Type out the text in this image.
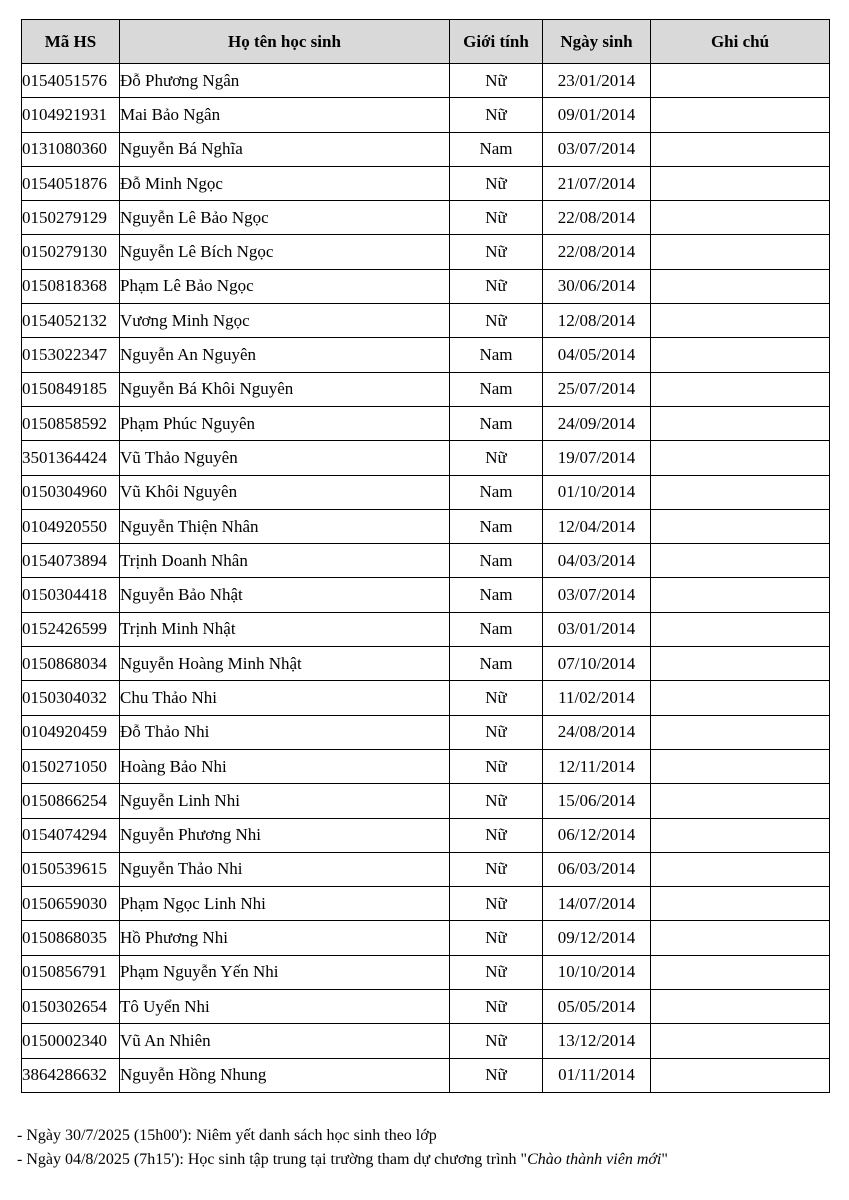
Mã HS	Họ tên học sinh	Giới tính	Ngày sinh	Ghi chú
0154051576	Đỗ Phương Ngân	Nữ	23/01/2014	
0104921931	Mai Bảo Ngân	Nữ	09/01/2014	
0131080360	Nguyễn Bá Nghĩa	Nam	03/07/2014	
0154051876	Đỗ Minh Ngọc	Nữ	21/07/2014	
0150279129	Nguyễn Lê Bảo Ngọc	Nữ	22/08/2014	
0150279130	Nguyễn Lê Bích Ngọc	Nữ	22/08/2014	
0150818368	Phạm Lê Bảo Ngọc	Nữ	30/06/2014	
0154052132	Vương Minh Ngọc	Nữ	12/08/2014	
0153022347	Nguyễn An Nguyên	Nam	04/05/2014	
0150849185	Nguyễn Bá Khôi Nguyên	Nam	25/07/2014	
0150858592	Phạm Phúc Nguyên	Nam	24/09/2014	
3501364424	Vũ Thảo Nguyên	Nữ	19/07/2014	
0150304960	Vũ Khôi Nguyên	Nam	01/10/2014	
0104920550	Nguyễn Thiện Nhân	Nam	12/04/2014	
0154073894	Trịnh Doanh Nhân	Nam	04/03/2014	
0150304418	Nguyễn Bảo Nhật	Nam	03/07/2014	
0152426599	Trịnh Minh Nhật	Nam	03/01/2014	
0150868034	Nguyễn Hoàng Minh Nhật	Nam	07/10/2014	
0150304032	Chu Thảo Nhi	Nữ	11/02/2014	
0104920459	Đỗ Thảo Nhi	Nữ	24/08/2014	
0150271050	Hoàng Bảo Nhi	Nữ	12/11/2014	
0150866254	Nguyễn Linh Nhi	Nữ	15/06/2014	
0154074294	Nguyễn Phương Nhi	Nữ	06/12/2014	
0150539615	Nguyễn Thảo Nhi	Nữ	06/03/2014	
0150659030	Phạm Ngọc Linh Nhi	Nữ	14/07/2014	
0150868035	Hồ Phương Nhi	Nữ	09/12/2014	
0150856791	Phạm Nguyễn Yến Nhi	Nữ	10/10/2014	
0150302654	Tô Uyển Nhi	Nữ	05/05/2014	
0150002340	Vũ An Nhiên	Nữ	13/12/2014	
3864286632	Nguyễn Hồng Nhung	Nữ	01/11/2014	
- Ngày 30/7/2025 (15h00'): Niêm yết danh sách học sinh theo lớp
- Ngày 04/8/2025 (7h15'): Học sinh tập trung tại trường tham dự chương trình "Chào thành viên mới"
